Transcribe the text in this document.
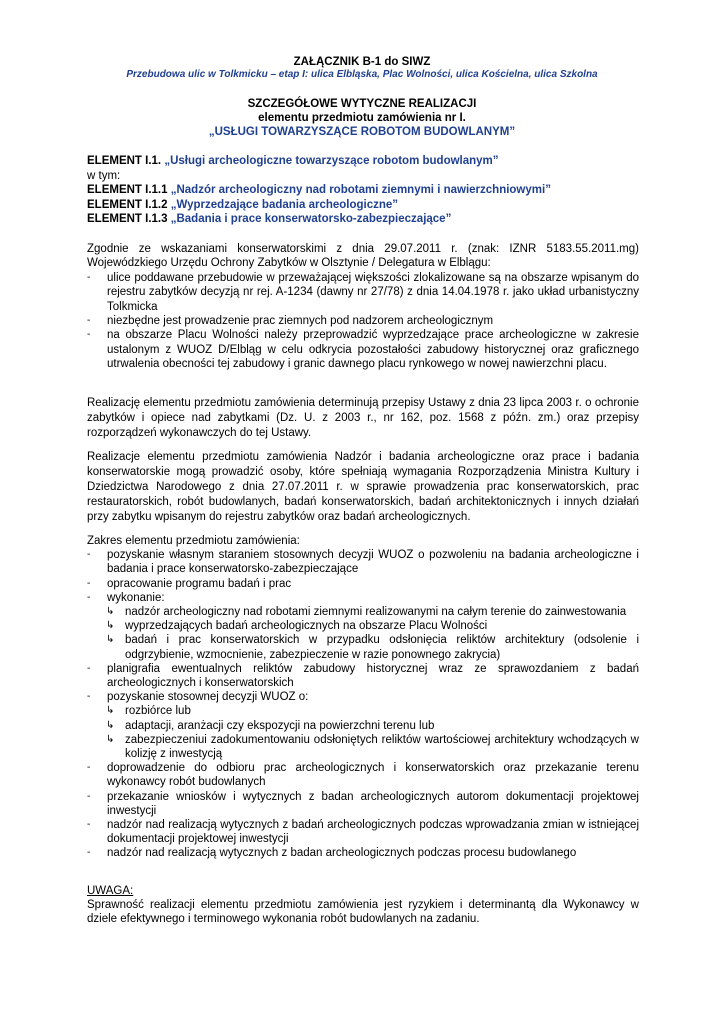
ZAŁĄCZNIK B-1 do SIWZ
Przebudowa ulic w Tolkmicku – etap I: ulica Elbląska, Plac Wolności, ulica Kościelna, ulica Szkolna
SZCZEGÓŁOWE WYTYCZNE REALIZACJI
elementu przedmiotu zamówienia nr I.
„USŁUGI TOWARZYSZĄCE ROBOTOM BUDOWLANYM”
ELEMENT I.1. „Usługi archeologiczne towarzyszące robotom budowlanym”
w tym:
ELEMENT I.1.1 „Nadzór archeologiczny nad robotami ziemnymi i nawierzchniowymi”
ELEMENT I.1.2 „Wyprzedzające badania archeologiczne”
ELEMENT I.1.3 „Badania i prace konserwatorsko-zabezpieczające”
Zgodnie ze wskazaniami konserwatorskimi z dnia 29.07.2011 r. (znak: IZNR 5183.55.2011.mg) Wojewódzkiego Urzędu Ochrony Zabytków w Olsztynie / Delegatura w Elblągu:
- ulice poddawane przebudowie w przeważającej większości zlokalizowane są na obszarze wpisanym do rejestru zabytków decyzją nr rej. A-1234 (dawny nr 27/78) z dnia 14.04.1978 r. jako układ urbanistyczny Tolkmicka
- niezbędne jest prowadzenie prac ziemnych pod nadzorem archeologicznym
- na obszarze Placu Wolności należy przeprowadzić wyprzedzające prace archeologiczne w zakresie ustalonym z WUOZ D/Elbląg w celu odkrycia pozostałości zabudowy historycznej oraz graficznego utrwalenia obecności tej zabudowy i granic dawnego placu rynkowego w nowej nawierzchni placu.
Realizację elementu przedmiotu zamówienia determinują przepisy Ustawy z dnia 23 lipca 2003 r. o ochronie zabytków i opiece nad zabytkami (Dz. U. z 2003 r., nr 162, poz. 1568 z późn. zm.) oraz przepisy rozporządzeń wykonawczych do tej Ustawy.
Realizacje elementu przedmiotu zamówienia Nadzór i badania archeologiczne oraz prace i badania konserwatorskie mogą prowadzić osoby, które spełniają wymagania Rozporządzenia Ministra Kultury i Dziedzictwa Narodowego z dnia 27.07.2011 r. w sprawie prowadzenia prac konserwatorskich, prac restauratorskich, robót budowlanych, badań konserwatorskich, badań architektonicznych i innych działań przy zabytku wpisanym do rejestru zabytków oraz badań archeologicznych.
Zakres elementu przedmiotu zamówienia:
- pozyskanie własnym staraniem stosownych decyzji WUOZ o pozwoleniu na badania archeologiczne i badania i prace konserwatorsko-zabezpieczające
- opracowanie programu badań i prac
- wykonanie:
↳ nadzór archeologiczny nad robotami ziemnymi realizowanymi na całym terenie do zainwestowania
↳ wyprzedzających badań archeologicznych na obszarze Placu Wolności
↳ badań i prac konserwatorskich w przypadku odsłonięcia reliktów architektury (odsolenie i odgrzybienie, wzmocnienie, zabezpieczenie w razie ponownego zakrycia)
- planigrafia ewentualnych reliktów zabudowy historycznej wraz ze sprawozdaniem z badań archeologicznych i konserwatorskich
- pozyskanie stosownej decyzji WUOZ o:
↳ rozbiórce lub
↳ adaptacji, aranżacji czy ekspozycji na powierzchni terenu lub
↳ zabezpieczeniui zadokumentowaniu odsłoniętych reliktów wartościowej architektury wchodzących w kolizję z inwestycją
- doprowadzenie do odbioru prac archeologicznych i konserwatorskich oraz przekazanie terenu wykonawcy robót budowlanych
- przekazanie wniosków i wytycznych z badan archeologicznych autorom dokumentacji projektowej inwestycji
- nadzór nad realizacją wytycznych z badań archeologicznych podczas wprowadzania zmian w istniejącej dokumentacji projektowej inwestycji
- nadzór nad realizacją wytycznych z badan archeologicznych podczas procesu budowlanego
UWAGA:
Sprawność realizacji elementu przedmiotu zamówienia jest ryzykiem i determinantą dla Wykonawcy w dziele efektywnego i terminowego wykonania robót budowlanych na zadaniu.
